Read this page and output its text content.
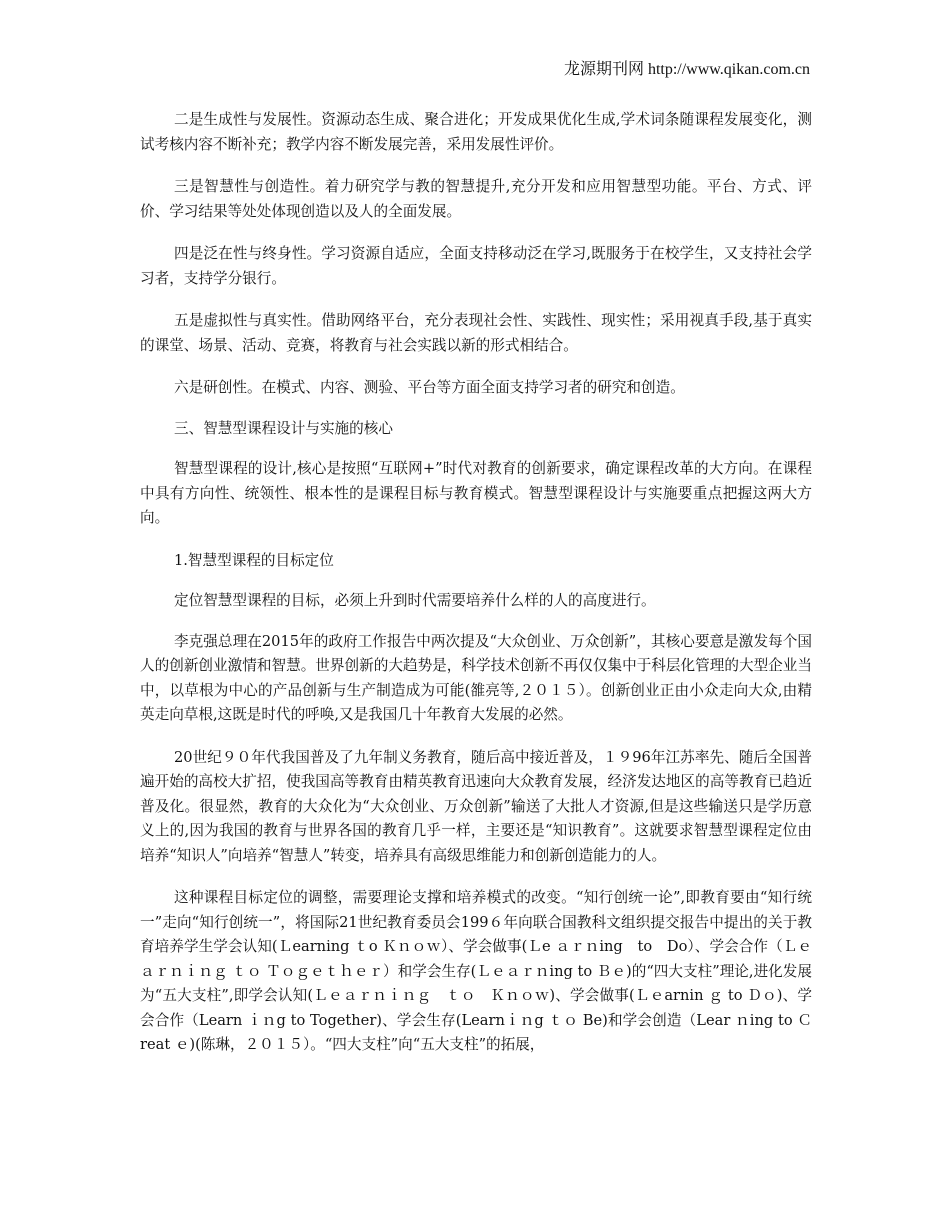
龙源期刊网 http://www.qikan.com.cn

二是生成性与发展性。资源动态生成、聚合进化；开发成果优化生成,学术词条随课程发展变化，测试考核内容不断补充；教学内容不断发展完善，采用发展性评价。

三是智慧性与创造性。着力研究学与教的智慧提升,充分开发和应用智慧型功能。平台、方式、评价、学习结果等处处体现创造以及人的全面发展。

四是泛在性与终身性。学习资源自适应，全面支持移动泛在学习,既服务于在校学生，又支持社会学习者，支持学分银行。

五是虚拟性与真实性。借助网络平台，充分表现社会性、实践性、现实性；采用视真手段,基于真实的课堂、场景、活动、竞赛，将教育与社会实践以新的形式相结合。

六是研创性。在模式、内容、测验、平台等方面全面支持学习者的研究和创造。

三、智慧型课程设计与实施的核心

智慧型课程的设计,核心是按照“互联网+”时代对教育的创新要求，确定课程改革的大方向。在课程中具有方向性、统领性、根本性的是课程目标与教育模式。智慧型课程设计与实施要重点把握这两大方向。

1.智慧型课程的目标定位

定位智慧型课程的目标，必须上升到时代需要培养什么样的人的高度进行。

李克强总理在2015年的政府工作报告中两次提及“大众创业、万众创新”，其核心要意是激发每个国人的创新创业激情和智慧。世界创新的大趋势是，科学技术创新不再仅仅集中于科层化管理的大型企业当中，以草根为中心的产品创新与生产制造成为可能(雒亮等,２０１５）。创新创业正由小众走向大众,由精英走向草根,这既是时代的呼唤,又是我国几十年教育大发展的必然。

20世纪９０年代我国普及了九年制义务教育，随后高中接近普及，１９96年江苏率先、随后全国普遍开始的高校大扩招，使我国高等教育由精英教育迅速向大众教育发展，经济发达地区的高等教育已趋近普及化。很显然，教育的大众化为“大众创业、万众创新”输送了大批人才资源,但是这些输送只是学历意义上的,因为我国的教育与世界各国的教育几乎一样，主要还是“知识教育”。这就要求智慧型课程定位由培养“知识人”向培养“智慧人”转变，培养具有高级思维能力和创新创造能力的人。

这种课程目标定位的调整，需要理论支撑和培养模式的改变。“知行创统一论”,即教育要由“知行统一”走向“知行创统一”，将国际21世纪教育委员会199６年向联合国教科文组织提交报告中提出的关于教育培养学生学会认知(Ｌearning ｔo Ｋｎｏｗ）、学会做事(Ｌe ａｒｎing　to　Do）、学会合作（Ｌｅａｒｎｉｎｇ ｔｏ Ｔｏｇｅｔｈｅｒ）和学会生存(Ｌｅａｒｎing to Ｂｅ)的“四大支柱”理论,进化发展为“五大支柱”,即学会认知(Ｌｅａｒｎｉｎｇ　ｔｏ　Ｋｎｏｗ)、学会做事(Ｌｅarnin ｇ to Ｄｏ)、学会合作（Learn ｉｎg to Together)、学会生存(Learnｉｎg ｔｏ Be)和学会创造（Lear ｎing to Ｃreat ｅ)(陈琳，２０１５）。“四大支柱”向“五大支柱”的拓展，
